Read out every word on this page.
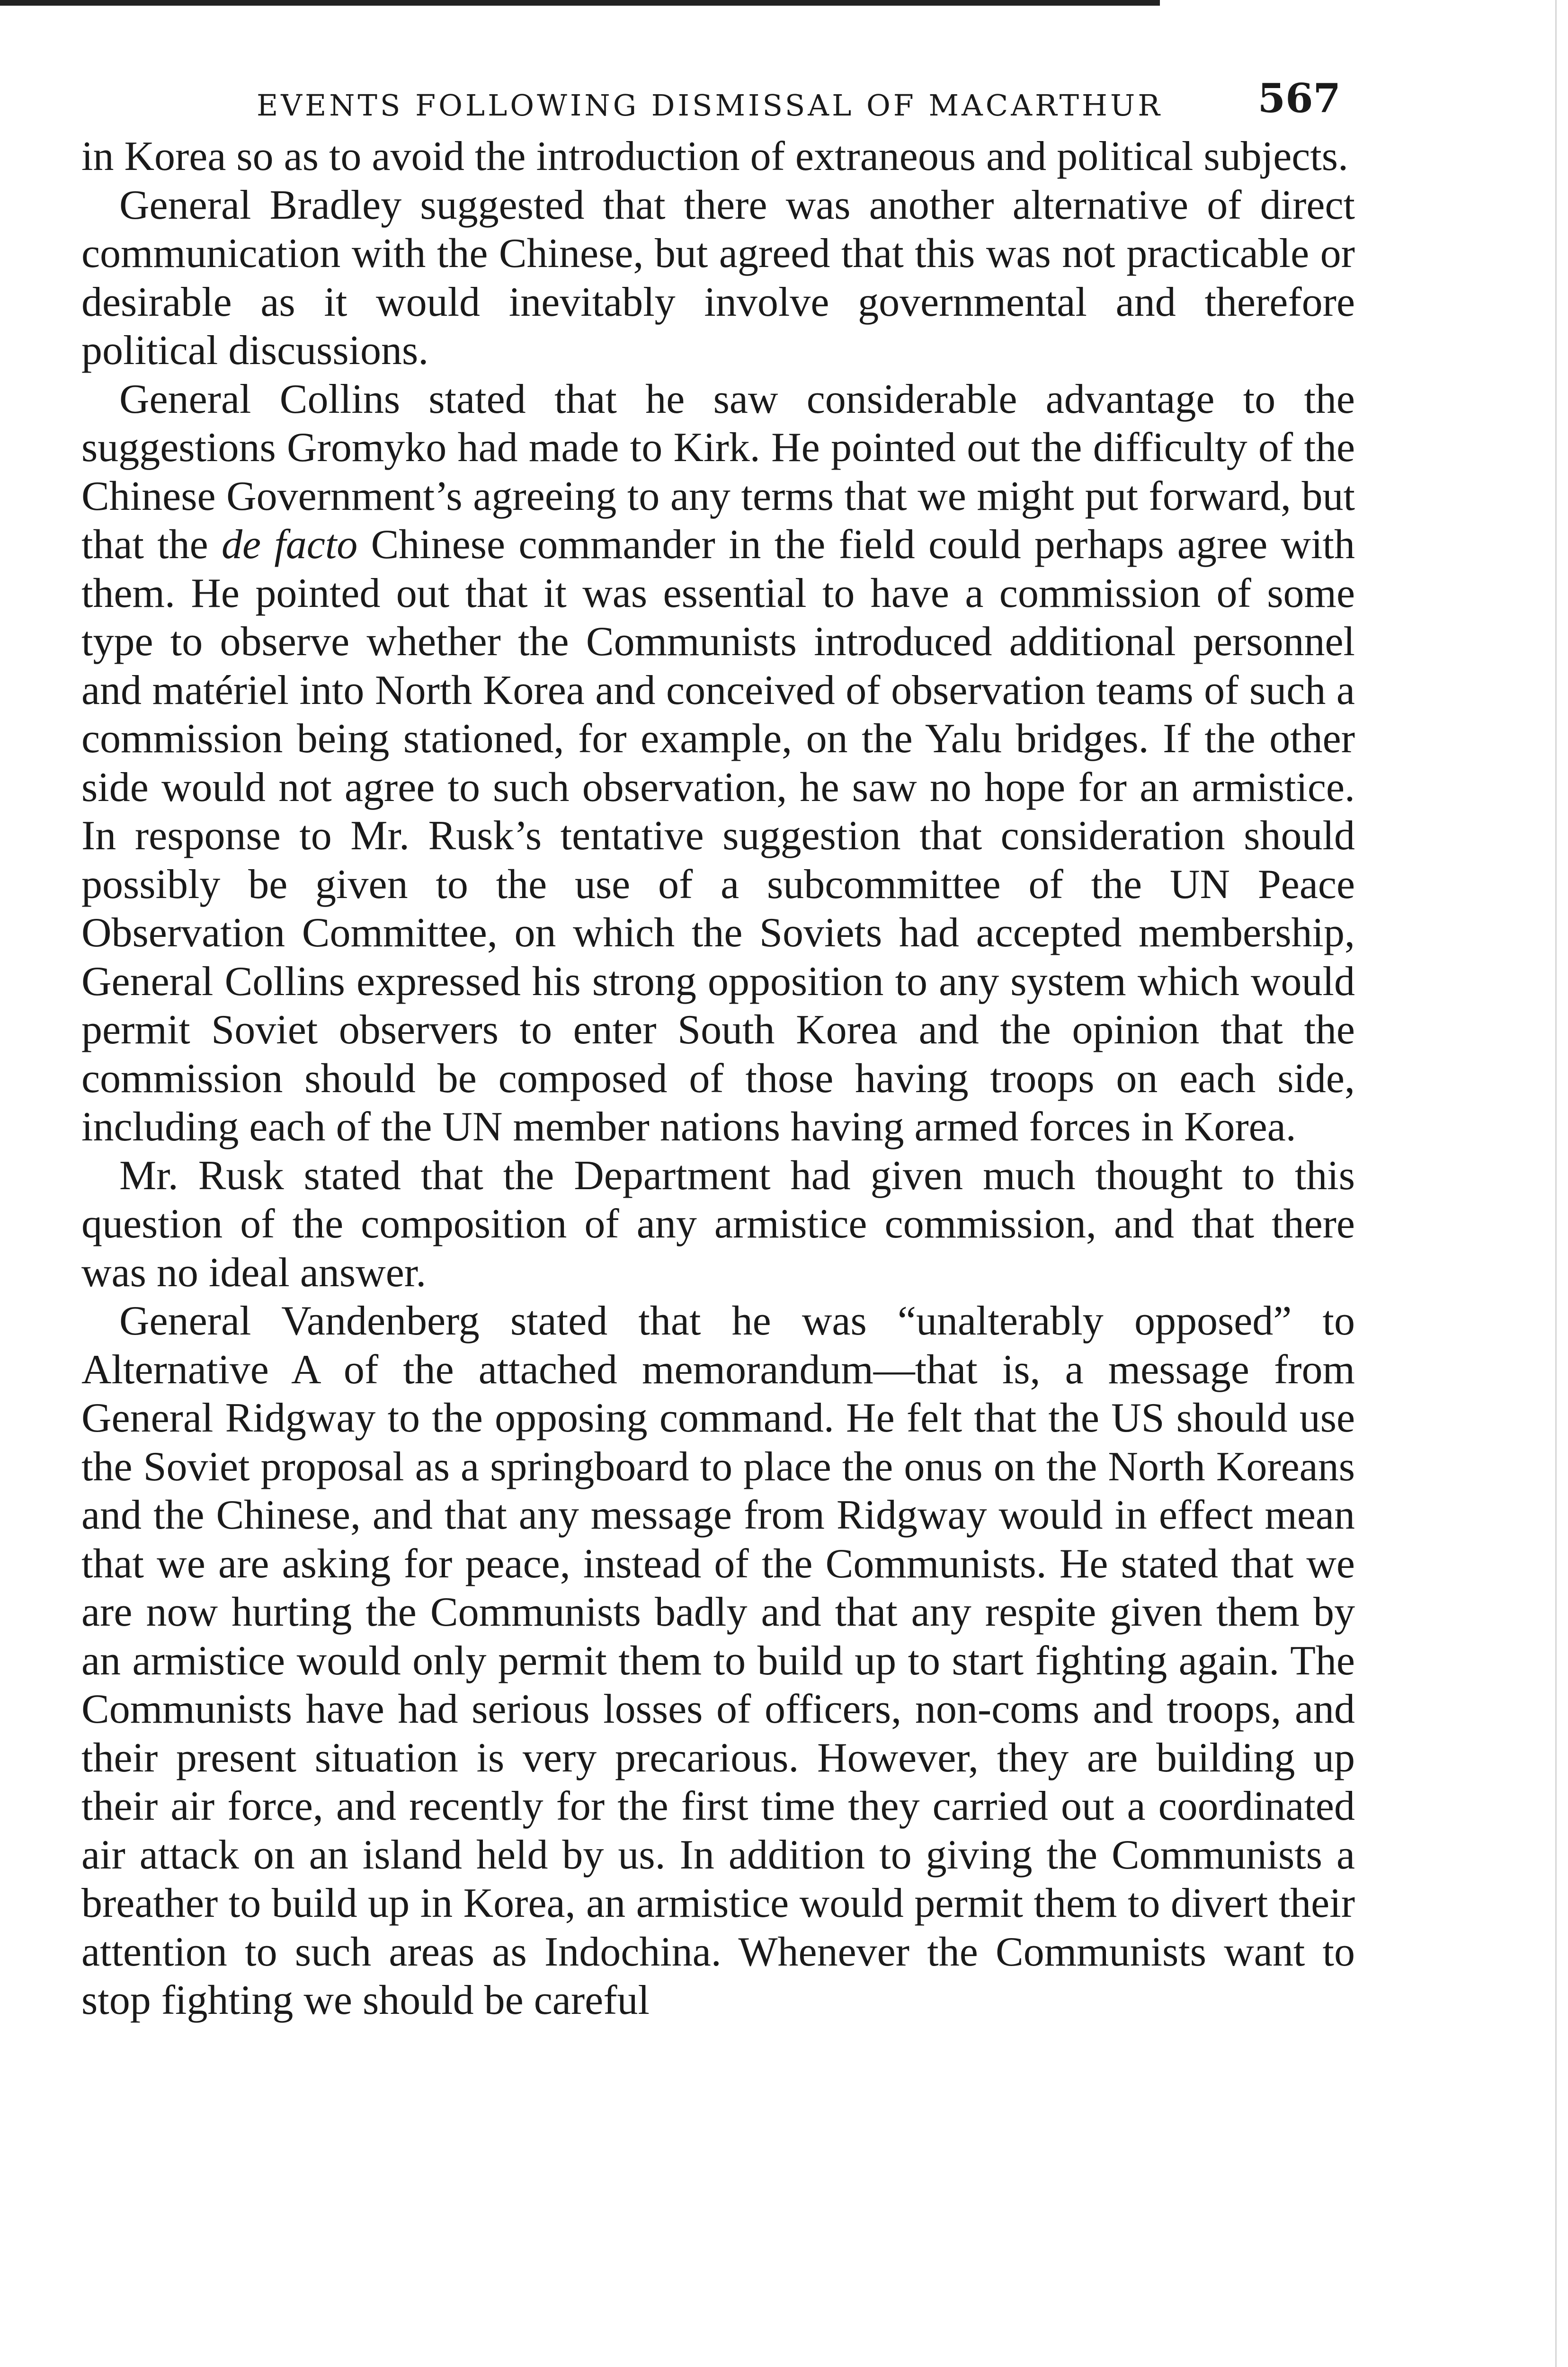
EVENTS FOLLOWING DISMISSAL OF MACARTHUR 567

in Korea so as to avoid the introduction of extraneous and political subjects.

General Bradley suggested that there was another alternative of direct communication with the Chinese, but agreed that this was not practicable or desirable as it would inevitably involve governmental and therefore political discussions.

General Collins stated that he saw considerable advantage to the suggestions Gromyko had made to Kirk. He pointed out the difficulty of the Chinese Government’s agreeing to any terms that we might put forward, but that the de facto Chinese commander in the field could perhaps agree with them. He pointed out that it was essential to have a commission of some type to observe whether the Communists introduced additional personnel and matériel into North Korea and conceived of observation teams of such a commission being stationed, for example, on the Yalu bridges. If the other side would not agree to such observation, he saw no hope for an armistice. In response to Mr. Rusk’s tentative suggestion that consideration should possibly be given to the use of a subcommittee of the UN Peace Observation Committee, on which the Soviets had accepted membership, General Collins expressed his strong opposition to any system which would permit Soviet observers to enter South Korea and the opinion that the commission should be composed of those having troops on each side, including each of the UN member nations having armed forces in Korea.

Mr. Rusk stated that the Department had given much thought to this question of the composition of any armistice commission, and that there was no ideal answer.

General Vandenberg stated that he was “unalterably opposed” to Alternative A of the attached memorandum—that is, a message from General Ridgway to the opposing command. He felt that the US should use the Soviet proposal as a springboard to place the onus on the North Koreans and the Chinese, and that any message from Ridgway would in effect mean that we are asking for peace, instead of the Communists. He stated that we are now hurting the Communists badly and that any respite given them by an armistice would only permit them to build up to start fighting again. The Communists have had serious losses of officers, non-coms and troops, and their present situation is very precarious. However, they are building up their air force, and recently for the first time they carried out a coordinated air attack on an island held by us. In addition to giving the Communists a breather to build up in Korea, an armistice would permit them to divert their attention to such areas as Indochina. Whenever the Communists want to stop fighting we should be careful
